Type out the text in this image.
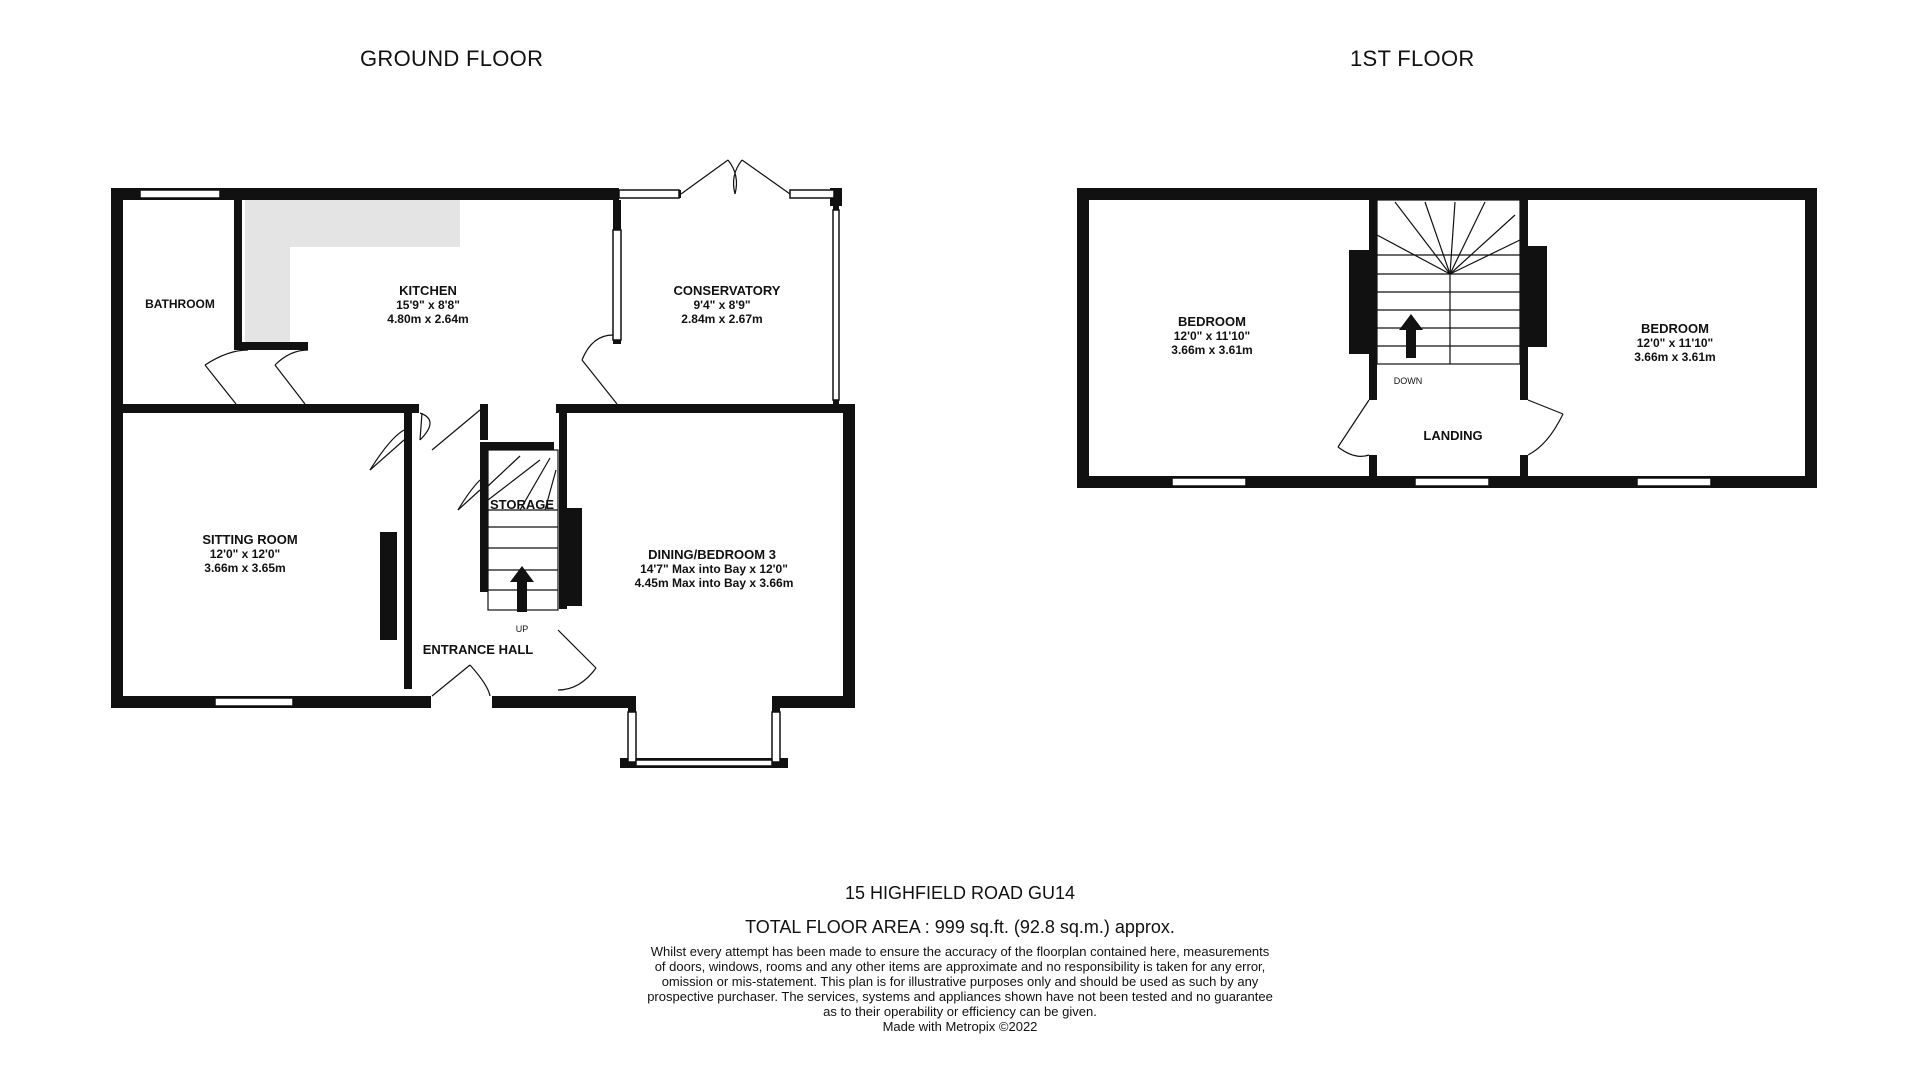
GROUND FLOOR	1ST FLOOR
BATHROOM
KITCHEN
15'9" x 8'8"
4.80m x 2.64m
CONSERVATORY
9'4" x 8'9"
2.84m x 2.67m
SITTING ROOM
12'0" x 12'0"
3.66m x 3.65m
STORAGE
DINING/BEDROOM 3
14'7" Max into Bay x 12'0"
4.45m Max into Bay x 3.66m
ENTRANCE HALL
UP
BEDROOM
12'0" x 11'10"
3.66m x 3.61m
BEDROOM
12'0" x 11'10"
3.66m x 3.61m
LANDING
DOWN
15 HIGHFIELD ROAD GU14
TOTAL FLOOR AREA : 999 sq.ft. (92.8 sq.m.) approx.
Whilst every attempt has been made to ensure the accuracy of the floorplan contained here, measurements
of doors, windows, rooms and any other items are approximate and no responsibility is taken for any error,
omission or mis-statement. This plan is for illustrative purposes only and should be used as such by any
prospective purchaser. The services, systems and appliances shown have not been tested and no guarantee
as to their operability or efficiency can be given.
Made with Metropix ©2022
